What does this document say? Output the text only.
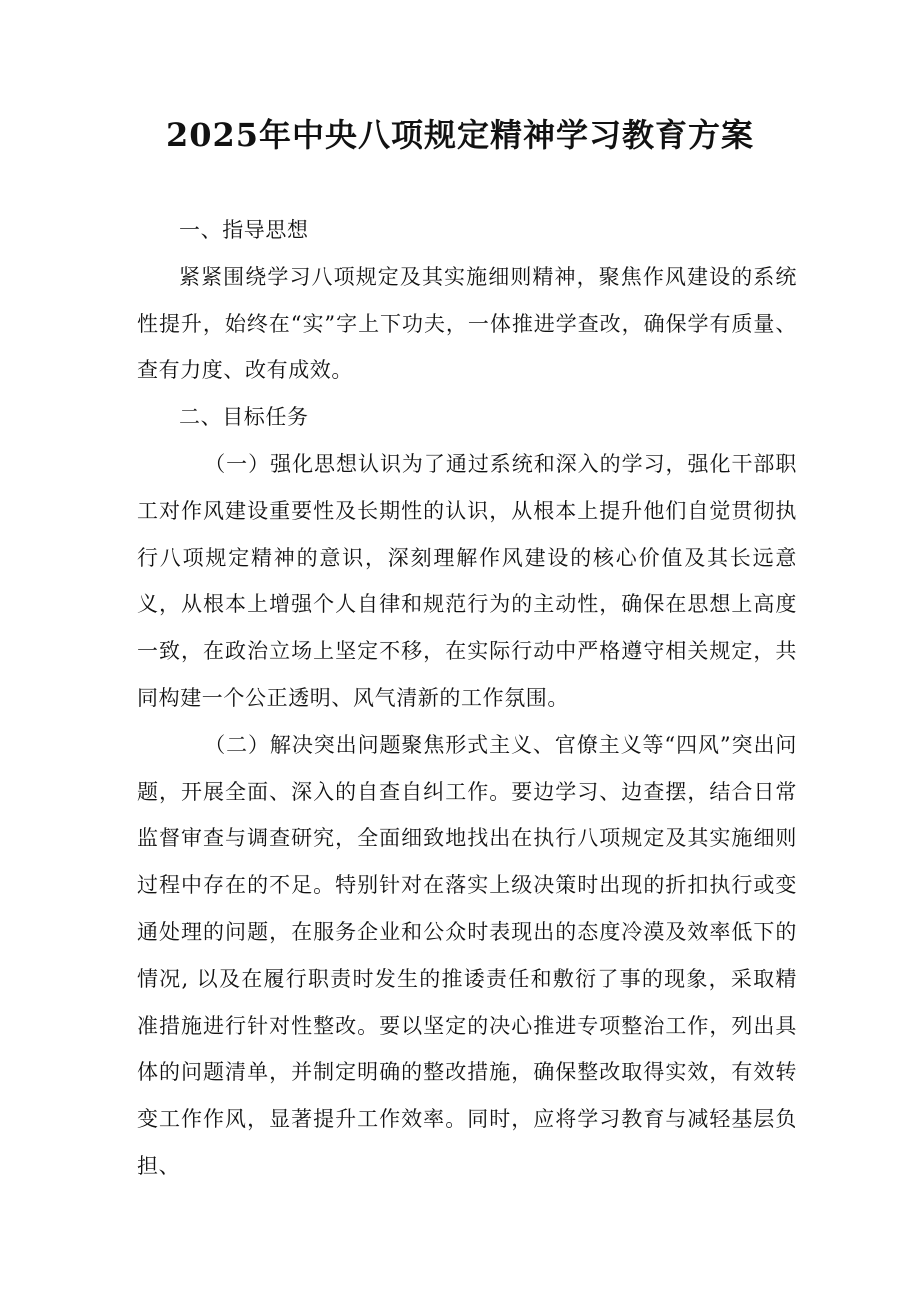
2025年中央八项规定精神学习教育方案

一、指导思想

紧紧围绕学习八项规定及其实施细则精神，聚焦作风建设的系统性提升，始终在“实”字上下功夫，一体推进学查改，确保学有质量、查有力度、改有成效。

二、目标任务

（一）强化思想认识为了通过系统和深入的学习，强化干部职工对作风建设重要性及长期性的认识，从根本上提升他们自觉贯彻执行八项规定精神的意识，深刻理解作风建设的核心价值及其长远意义，从根本上增强个人自律和规范行为的主动性，确保在思想上高度一致，在政治立场上坚定不移，在实际行动中严格遵守相关规定，共同构建一个公正透明、风气清新的工作氛围。

（二）解决突出问题聚焦形式主义、官僚主义等“四风”突出问题，开展全面、深入的自查自纠工作。要边学习、边查摆，结合日常监督审查与调查研究，全面细致地找出在执行八项规定及其实施细则过程中存在的不足。特别针对在落实上级决策时出现的折扣执行或变通处理的问题，在服务企业和公众时表现出的态度冷漠及效率低下的情况, 以及在履行职责时发生的推诿责任和敷衍了事的现象，采取精准措施进行针对性整改。要以坚定的决心推进专项整治工作，列出具体的问题清单，并制定明确的整改措施，确保整改取得实效，有效转变工作作风，显著提升工作效率。同时，应将学习教育与减轻基层负担、
